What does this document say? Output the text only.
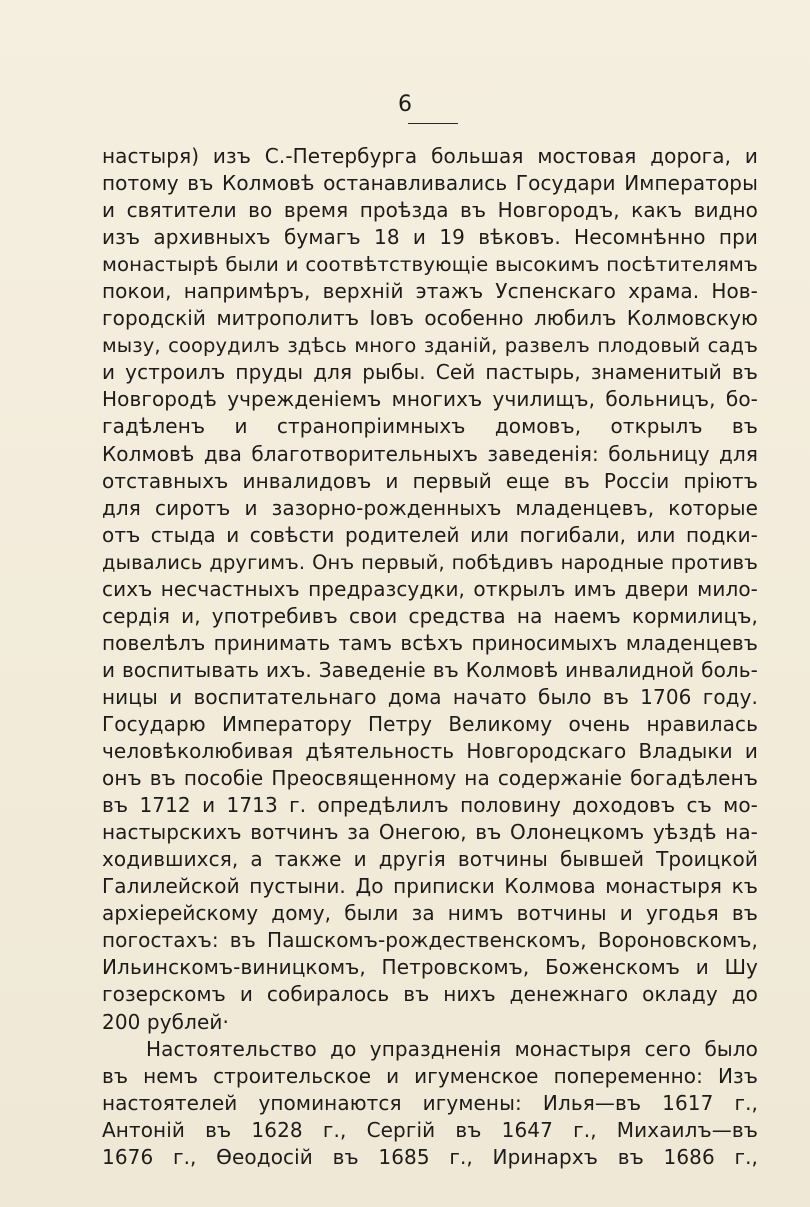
6
настыря) изъ С.-Петербурга большая мостовая дорога, и
потому въ Колмовѣ останавливались Государи Императоры
и святители во время проѣзда въ Новгородъ, какъ видно
изъ архивныхъ бумагъ 18 и 19 вѣковъ. Несомнѣнно при
монастырѣ были и соотвѣтствующіе высокимъ посѣтителямъ
покои, напримѣръ, верхній этажъ Успенскаго храма. Нов-
городскій митрополитъ Іовъ особенно любилъ Колмовскую
мызу, соорудилъ здѣсь много зданій, развелъ плодовый садъ
и устроилъ пруды для рыбы. Сей пастырь, знаменитый въ
Новгородѣ учрежденіемъ многихъ училищъ, больницъ, бо-
гадѣленъ и странопріимныхъ домовъ, открылъ въ
Колмовѣ два благотворительныхъ заведенія: больницу для
отставныхъ инвалидовъ и первый еще въ Россіи пріютъ
для сиротъ и зазорно-рожденныхъ младенцевъ, которые
отъ стыда и совѣсти родителей или погибали, или подки-
дывались другимъ. Онъ первый, побѣдивъ народные противъ
сихъ несчастныхъ предразсудки, открылъ имъ двери мило-
сердія и, употребивъ свои средства на наемъ кормилицъ,
повелѣлъ принимать тамъ всѣхъ приносимыхъ младенцевъ
и воспитывать ихъ. Заведеніе въ Колмовѣ инвалидной боль-
ницы и воспитательнаго дома начато было въ 1706 году.
Государю Императору Петру Великому очень нравилась
человѣколюбивая дѣятельность Новгородскаго Владыки и
онъ въ пособіе Преосвященному на содержаніе богадѣленъ
въ 1712 и 1713 г. опредѣлилъ половину доходовъ съ мо-
настырскихъ вотчинъ за Онегою, въ Олонецкомъ уѣздѣ на-
ходившихся, а также и другія вотчины бывшей Троицкой
Галилейской пустыни. До приписки Колмова монастыря къ
архіерейскому дому, были за нимъ вотчины и угодья въ
погостахъ: въ Пашскомъ-рождественскомъ, Вороновскомъ,
Ильинскомъ-виницкомъ, Петровскомъ, Боженскомъ и Шу
гозерскомъ и собиралось въ нихъ денежнаго окладу до
200 рублей·
Настоятельство до упраздненія монастыря сего было
въ немъ строительское и игуменское попеременно: Изъ
настоятелей упоминаются игумены: Илья—въ 1617 г.,
Антоній въ 1628 г., Сергій въ 1647 г., Михаилъ—въ
1676 г., Ѳеодосій въ 1685 г., Иринархъ въ 1686 г.,
